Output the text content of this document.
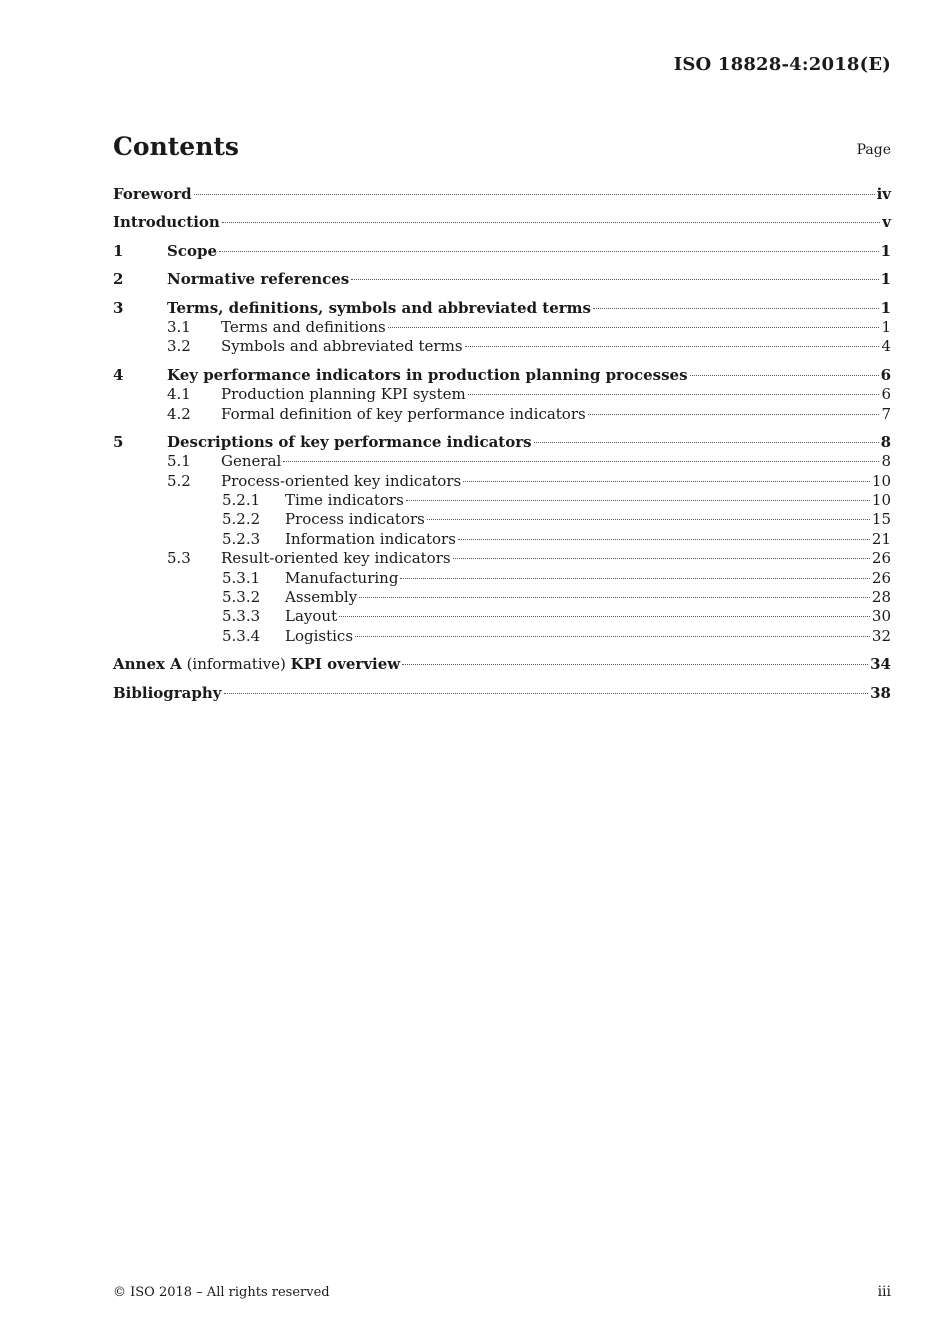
ISO 18828-4:2018(E)
Contents	Page
Foreword	iv
Introduction	v
1	Scope	1
2	Normative references	1
3	Terms, definitions, symbols and abbreviated terms	1
3.1	Terms and definitions	1
3.2	Symbols and abbreviated terms	4
4	Key performance indicators in production planning processes	6
4.1	Production planning KPI system	6
4.2	Formal definition of key performance indicators	7
5	Descriptions of key performance indicators	8
5.1	General	8
5.2	Process-oriented key indicators	10
5.2.1	Time indicators	10
5.2.2	Process indicators	15
5.2.3	Information indicators	21
5.3	Result-oriented key indicators	26
5.3.1	Manufacturing	26
5.3.2	Assembly	28
5.3.3	Layout	30
5.3.4	Logistics	32
Annex A (informative) KPI overview	34
Bibliography	38
© ISO 2018 – All rights reserved	iii
